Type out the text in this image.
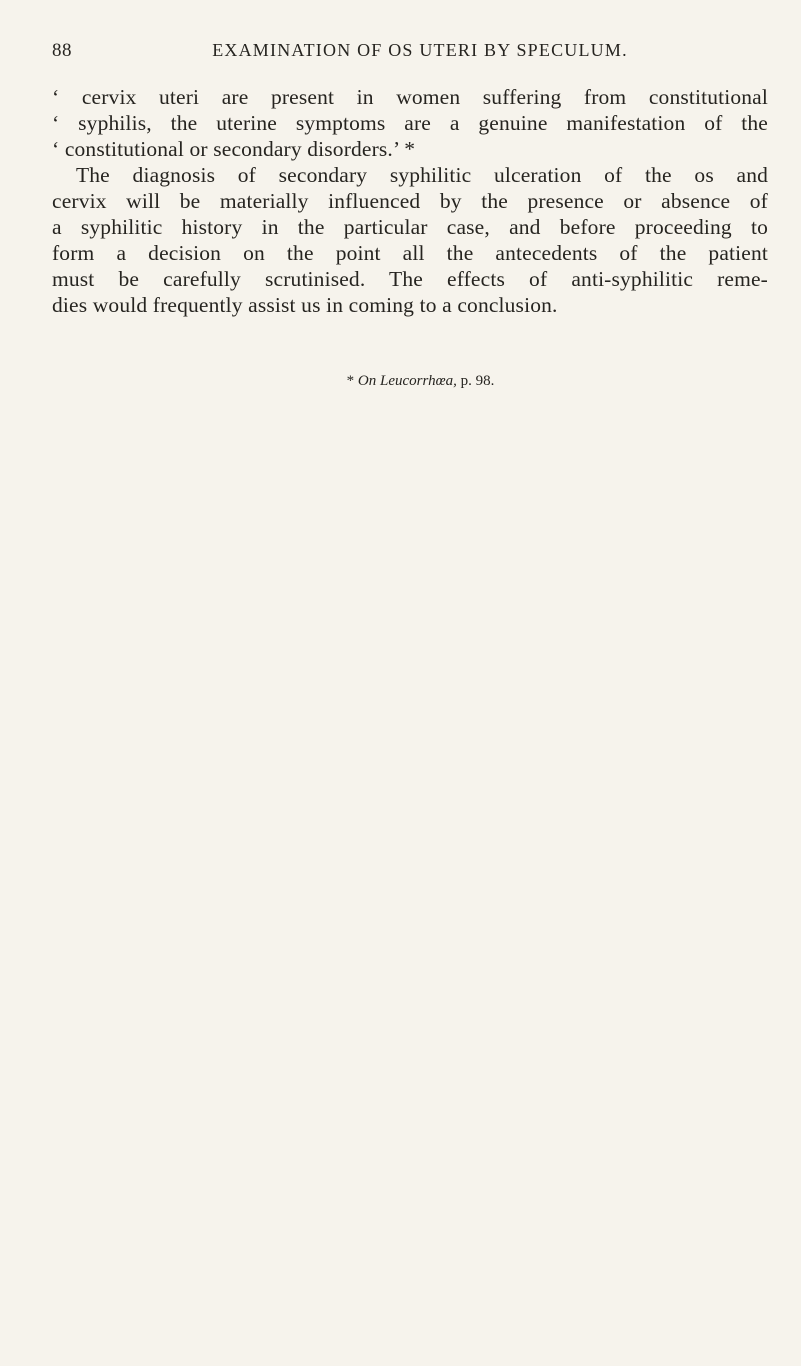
88	EXAMINATION OF OS UTERI BY SPECULUM.
‘ cervix uteri are present in women suffering from constitutional
‘ syphilis, the uterine symptoms are a genuine manifestation of the
‘ constitutional or secondary disorders.’ *
The diagnosis of secondary syphilitic ulceration of the os and
cervix will be materially influenced by the presence or absence of
a syphilitic history in the particular case, and before proceeding to
form a decision on the point all the antecedents of the patient
must be carefully scrutinised. The effects of anti-syphilitic reme-
dies would frequently assist us in coming to a conclusion.
* On Leucorrhœa, p. 98.
